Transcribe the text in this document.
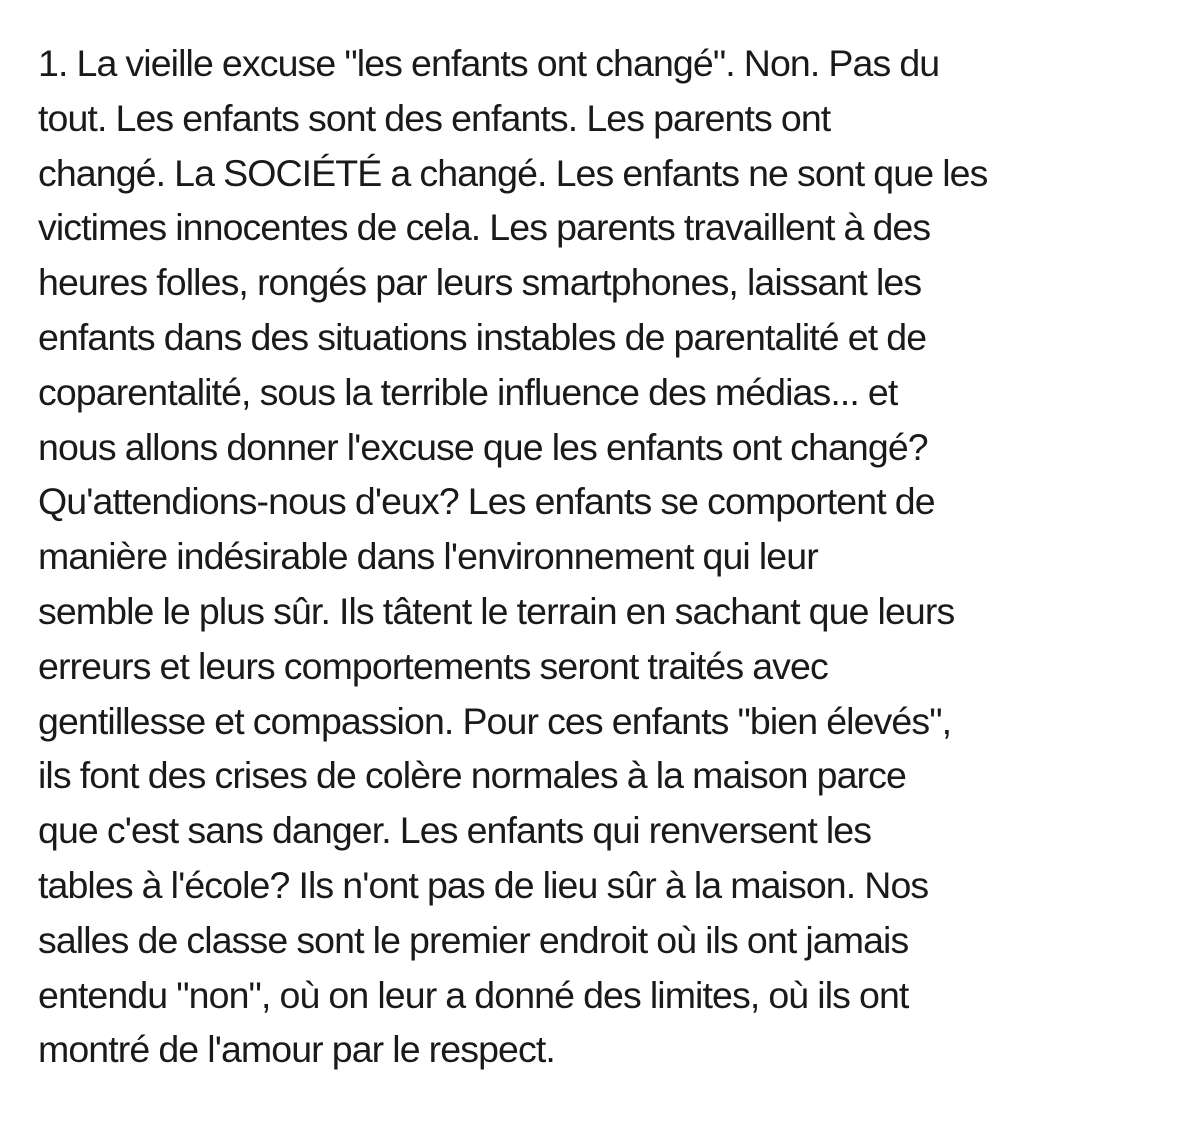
1. La vieille excuse "les enfants ont changé". Non. Pas du
tout. Les enfants sont des enfants. Les parents ont
changé. La SOCIÉTÉ a changé. Les enfants ne sont que les
victimes innocentes de cela. Les parents travaillent à des
heures folles, rongés par leurs smartphones, laissant les
enfants dans des situations instables de parentalité et de
coparentalité, sous la terrible influence des médias... et
nous allons donner l'excuse que les enfants ont changé?
Qu'attendions-nous d'eux? Les enfants se comportent de
manière indésirable dans l'environnement qui leur
semble le plus sûr. Ils tâtent le terrain en sachant que leurs
erreurs et leurs comportements seront traités avec
gentillesse et compassion. Pour ces enfants "bien élevés",
ils font des crises de colère normales à la maison parce
que c'est sans danger. Les enfants qui renversent les
tables à l'école? Ils n'ont pas de lieu sûr à la maison. Nos
salles de classe sont le premier endroit où ils ont jamais
entendu "non", où on leur a donné des limites, où ils ont
montré de l'amour par le respect.
